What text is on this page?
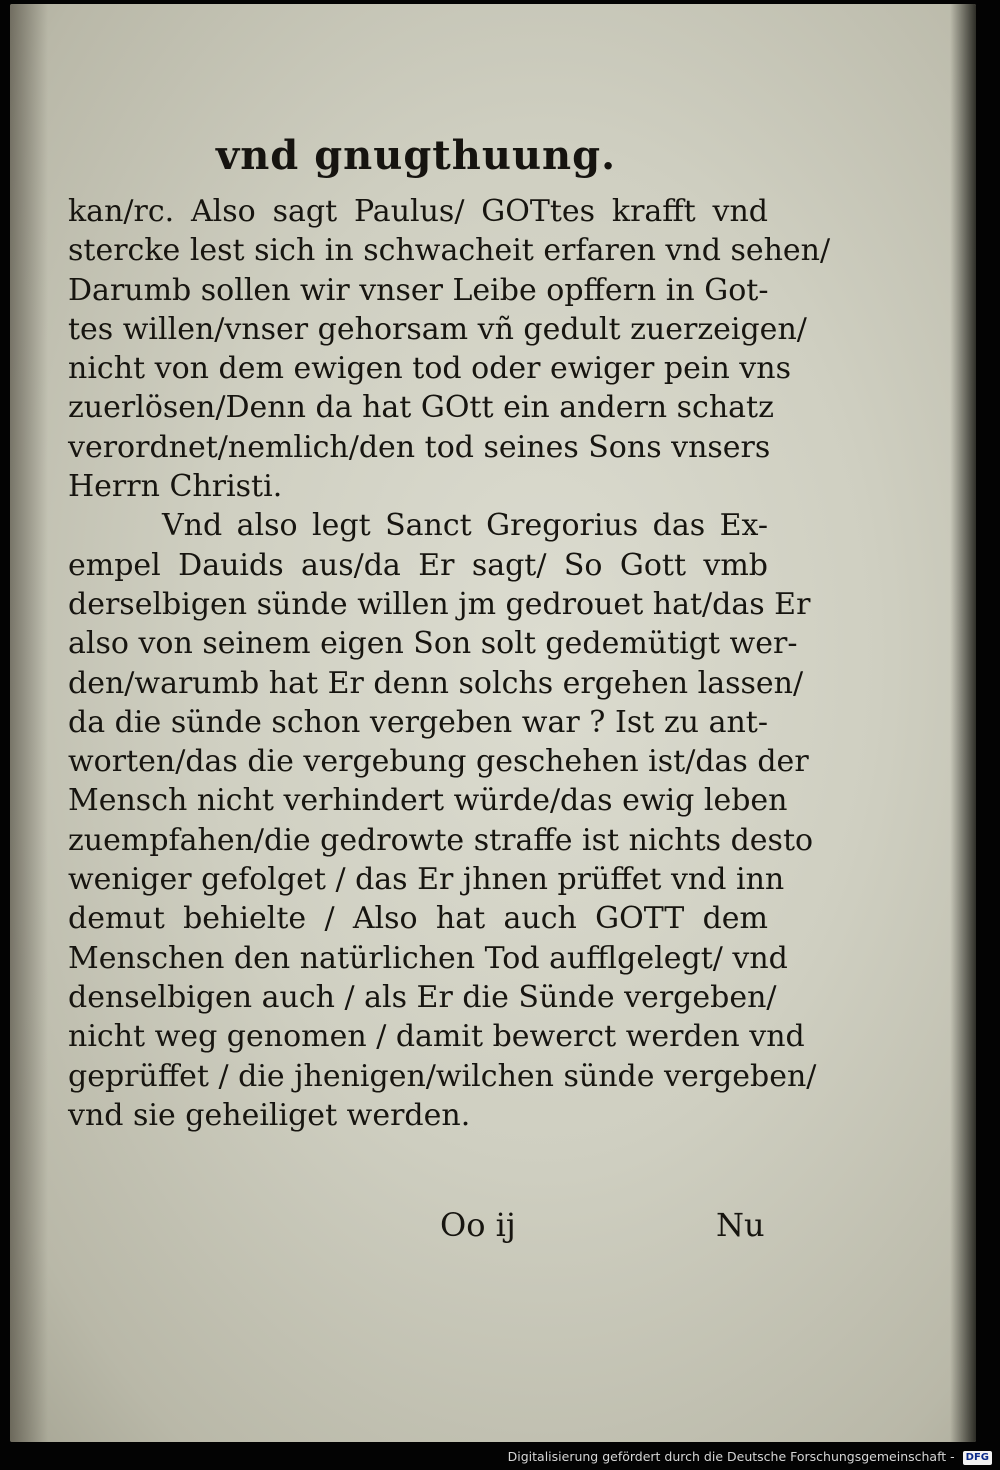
vnd gnugthuung.
kan/rc. Also sagt Paulus/ GOTtes krafft vnd
stercke lest sich in schwacheit erfaren vnd sehen/
Darumb sollen wir vnser Leibe opffern in Got-
tes willen/vnser gehorsam vñ gedult zuerzeigen/
nicht von dem ewigen tod oder ewiger pein vns
zuerlösen/Denn da hat GOtt ein andern schatz
verordnet/nemlich/den tod seines Sons vnsers
Herrn Christi.
Vnd also legt Sanct Gregorius das Ex-
empel Dauids aus/da Er sagt/ So Gott vmb
derselbigen sünde willen jm gedrouet hat/das Er
also von seinem eigen Son solt gedemütigt wer-
den/warumb hat Er denn solchs ergehen lassen/
da die sünde schon vergeben war ? Ist zu ant-
worten/das die vergebung geschehen ist/das der
Mensch nicht verhindert würde/das ewig leben
zuempfahen/die gedrowte straffe ist nichts desto
weniger gefolget / das Er jhnen prüffet vnd inn
demut behielte / Also hat auch GOTT dem
Menschen den natürlichen Tod aufflgelegt/ vnd
denselbigen auch / als Er die Sünde vergeben/
nicht weg genomen / damit bewerct werden vnd
geprüffet / die jhenigen/wilchen sünde vergeben/
vnd sie geheiliget werden.
Oo ij	Nu
Digitalisierung gefördert durch die Deutsche Forschungsgemeinschaft - DFG
